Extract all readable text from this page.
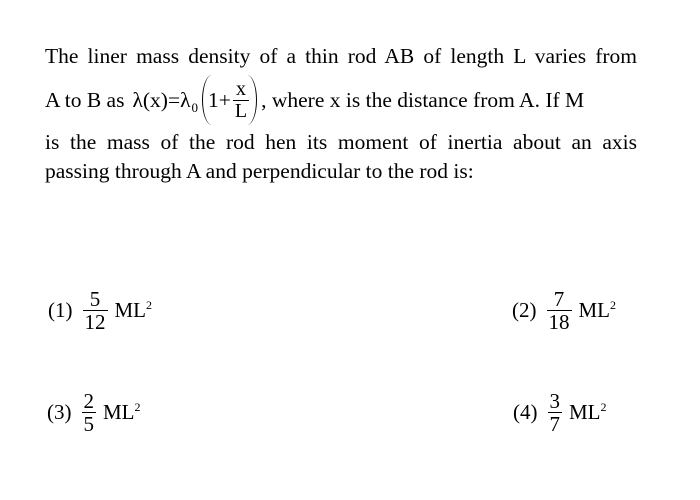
The liner mass density of a thin rod AB of length L varies from
A to B as λ(x)=λ 0 $1+ \frac{x}{L}$ , where x is the distance from A. If M
is the mass of the rod hen its moment of inertia about an axis
passing through A and perpendicular to the rod is:
$(1) \frac{5}{12} ML^2$	$(2) \frac{7}{18} ML^2$
$(3) \frac{2}{5} ML^2$	$(4) \frac{3}{7} ML^2$
